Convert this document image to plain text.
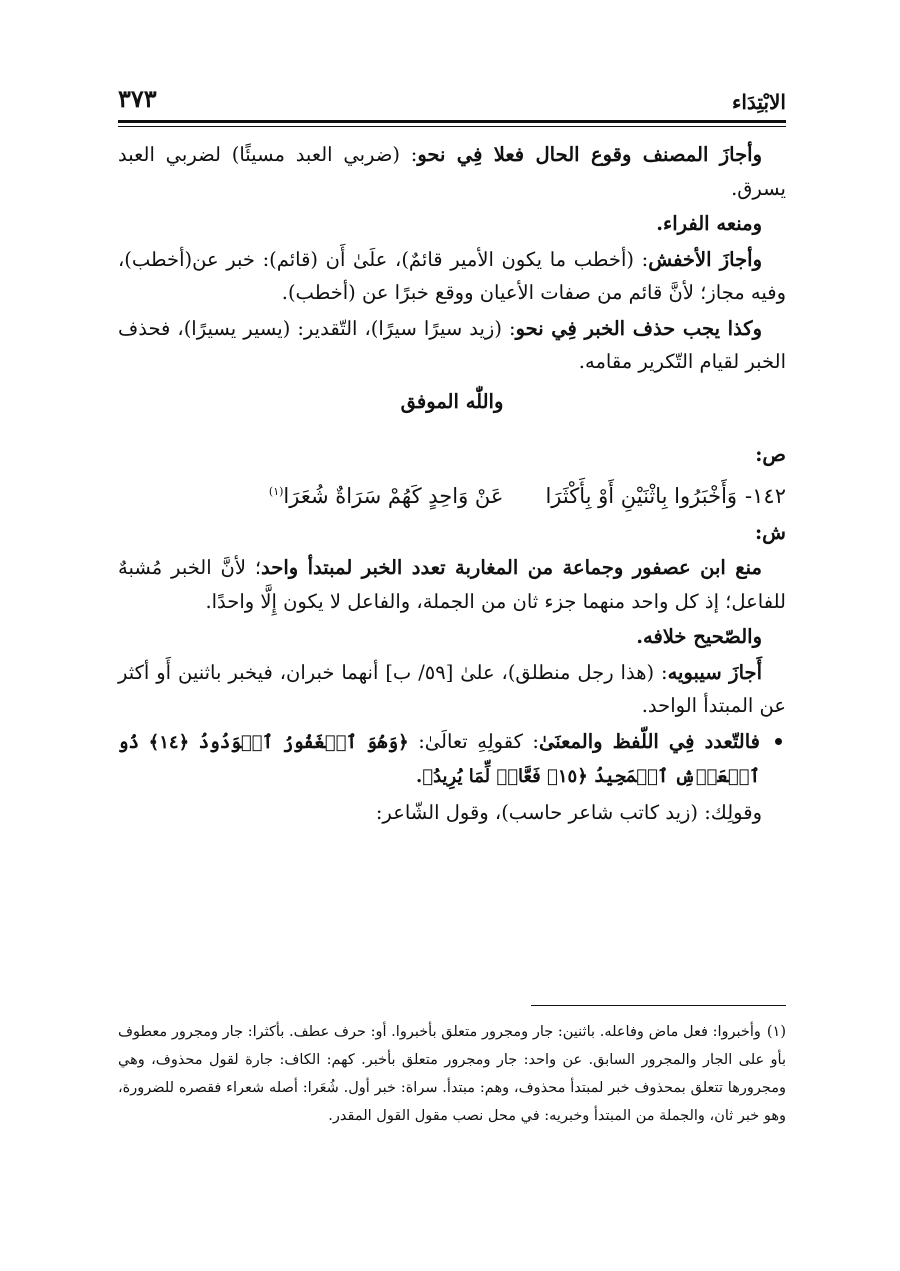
الابْتِدَاء
٣٧٣

وأجازَ المصنف وقوع الحال فعلا فِي نحو: (ضربي العبد مسيئًا) لضربي العبد يسرق.

ومنعه الفراء.

وأجازَ الأخفش: (أخطب ما يكون الأمير قائمٌ)، علَىٰ أَن (قائم): خبر عن(أخطب)، وفيه مجاز؛ لأنَّ قائم من صفات الأعيان ووقع خبرًا عن (أخطب).

وكذا يجب حذف الخبر فِي نحو: (زيد سيرًا سيرًا)، التّقدير: (يسير يسيرًا)، فحذف الخبر لقيام التّكرير مقامه.

واللّٰه الموفق

ص:

١٤٢-وَأَخْبَرُوا بِاثْنَيْنِ أَوْ بِأَكْثَرَاعَنْ وَاحِدٍ كَهُمْ سَرَاةٌ شُعَرَا$^{(١)}$

ش:

منع ابن عصفور وجماعة من المغاربة تعدد الخبر لمبتدأ واحد؛ لأنَّ الخبر مُشبهٌ للفاعل؛ إذ كل واحد منهما جزء ثان من الجملة، والفاعل لا يكون إِلَّا واحدًا.

والصّحيح خلافه.

أَجازَ سيبويه: (هذا رجل منطلق)، علىٰ [٥٩/ ب] أنهما خبران، فيخبر باثنين أَو أكثر عن المبتدأ الواحد.

فالتّعدد فِي اللّفظ والمعنَىٰ: كقولِهِ تعالَىٰ: ﴿وَهُوَ ٱلۡغَفُورُ ٱلۡوَدُودُ ﴿١٤﴾ ذُو ٱلۡعَرۡشِ ٱلۡمَجِيدُ ﴿١٥﴾ فَعَّالٞ لِّمَا يُرِيدُ﴾.

وقولِك: (زيد كاتب شاعر حاسب)، وقول الشّاعر:

(١)وأخبروا: فعل ماض وفاعله. باثنين: جار ومجرور متعلق بأخبروا. أو: حرف عطف. بأكثرا: جار ومجرور معطوف بأو على الجار والمجرور السابق. عن واحد: جار ومجرور متعلق بأخبر. كهم: الكاف: جارة لقول محذوف، وهي ومجرورها تتعلق بمحذوف خبر لمبتدأ محذوف، وهم: مبتدأ. سراة: خبر أول. شُعَرا: أصله شعراء فقصره للضرورة، وهو خبر ثان، والجملة من المبتدأ وخبريه: في محل نصب مقول القول المقدر.
